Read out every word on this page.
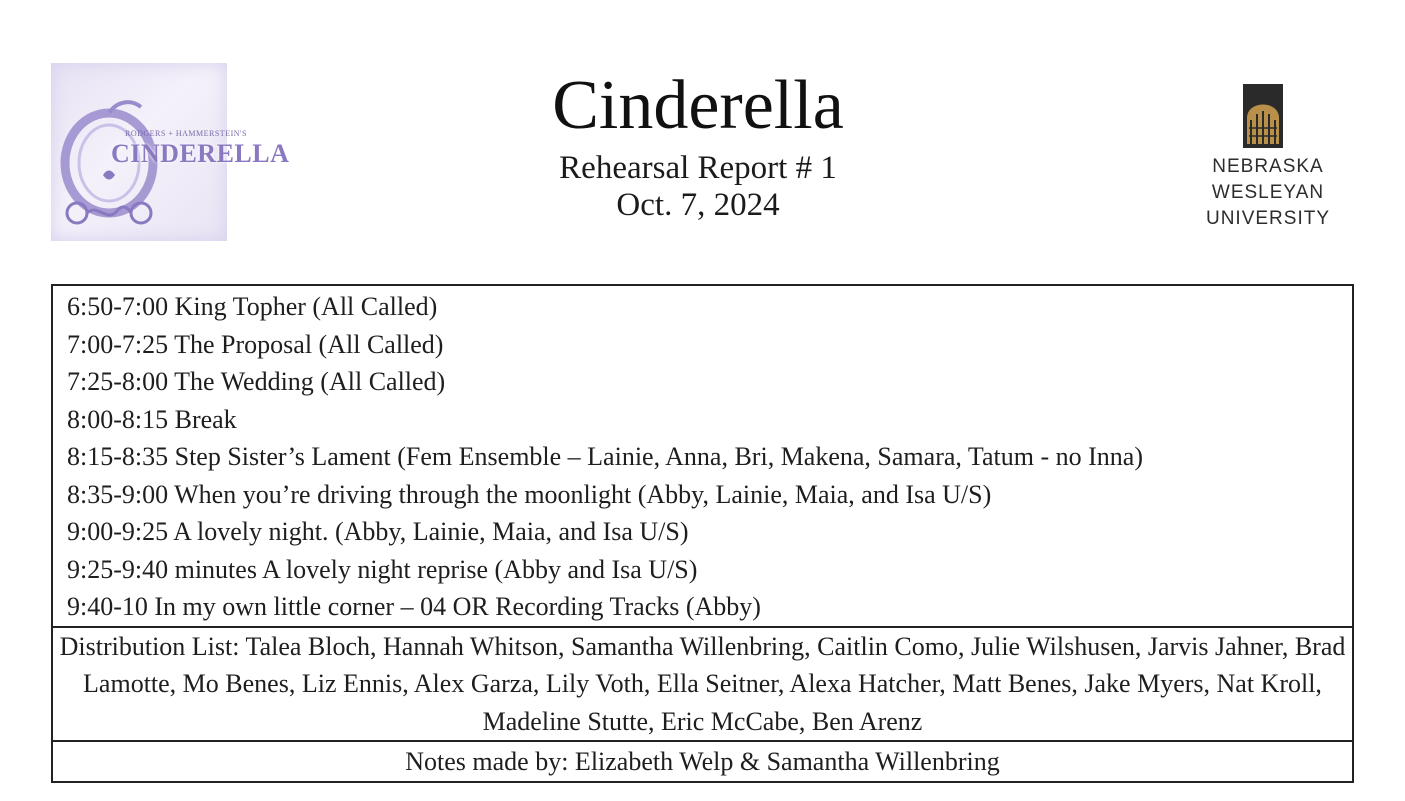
RODGERS + HAMMERSTEIN'S
CINDERELLA
Cinderella
Rehearsal Report # 1
Oct. 7, 2024
NEBRASKA
WESLEYAN
UNIVERSITY
6:50-7:00 King Topher (All Called)
7:00-7:25 The Proposal (All Called)
7:25-8:00 The Wedding (All Called)
8:00-8:15 Break
8:15-8:35 Step Sister’s Lament (Fem Ensemble – Lainie, Anna, Bri, Makena, Samara, Tatum - no Inna)
8:35-9:00 When you’re driving through the moonlight (Abby, Lainie, Maia, and Isa U/S)
9:00-9:25 A lovely night. (Abby, Lainie, Maia, and Isa U/S)
9:25-9:40 minutes A lovely night reprise (Abby and Isa U/S)
9:40-10 In my own little corner – 04 OR Recording Tracks (Abby)
Distribution List: Talea Bloch, Hannah Whitson, Samantha Willenbring, Caitlin Como, Julie Wilshusen, Jarvis Jahner, Brad Lamotte, Mo Benes, Liz Ennis, Alex Garza, Lily Voth, Ella Seitner, Alexa Hatcher, Matt Benes, Jake Myers, Nat Kroll, Madeline Stutte, Eric McCabe, Ben Arenz
Notes made by: Elizabeth Welp & Samantha Willenbring
